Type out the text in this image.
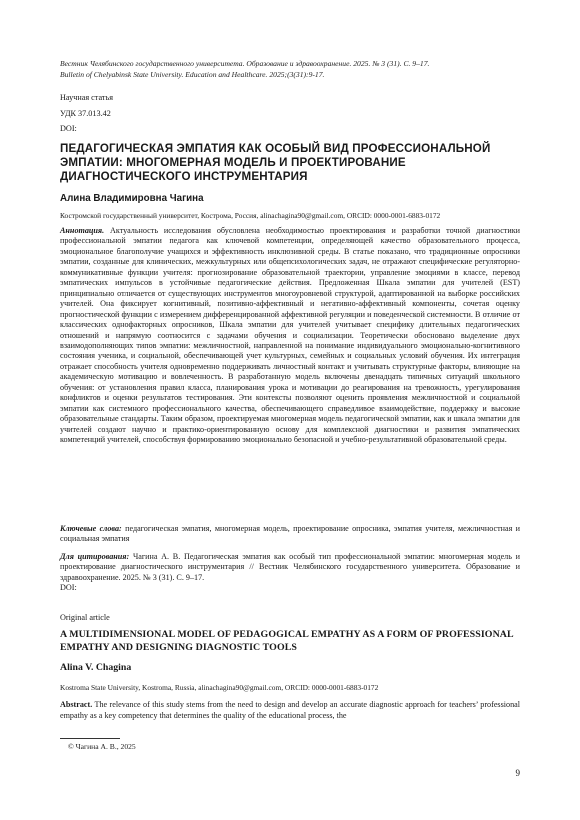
Вестник Челябинского государственного университета. Образование и здравоохранение. 2025. № 3 (31). С. 9–17.
Bulletin of Chelyabinsk State University. Education and Healthcare. 2025;(3(31):9-17.
Научная статья
УДК 37.013.42
DOI:
ПЕДАГОГИЧЕСКАЯ ЭМПАТИЯ КАК ОСОБЫЙ ВИД ПРОФЕССИОНАЛЬНОЙ ЭМПАТИИ: МНОГОМЕРНАЯ МОДЕЛЬ И ПРОЕКТИРОВАНИЕ ДИАГНОСТИЧЕСКОГО ИНСТРУМЕНТАРИЯ
Алина Владимировна Чагина
Костромской государственный университет, Кострома, Россия, alinachagina90@gmail.com, ORCID: 0000-0001-6883-0172
Аннотация. Актуальность исследования обусловлена необходимостью проектирования и разработки точной диагностики профессиональной эмпатии педагога как ключевой компетенции, определяющей качество образовательного процесса, эмоциональное благополучие учащихся и эффективность инклюзивной среды. В статье показано, что традиционные опросники эмпатии, созданные для клинических, межкультурных или общепсихологических задач, не отражают специфические регуляторно-коммуникативные функции учителя: прогнозирование образовательной траектории, управление эмоциями в классе, перевод эмпатических импульсов в устойчивые педагогические действия. Предложенная Шкала эмпатии для учителей (EST) принципиально отличается от существующих инструментов многоуровневой структурой, адаптированной на выборке российских учителей. Она фиксирует когнитивный, позитивно-аффективный и негативно-аффективный компоненты, сочетая оценку прогностической функции с измерением дифференцированной аффективной регуляции и поведенческой системности. В отличие от классических однофакторных опросников, Шкала эмпатии для учителей учитывает специфику длительных педагогических отношений и напрямую соотносится с задачами обучения и социализации. Теоретически обосновано выделение двух взаимодополняющих типов эмпатии: межличностной, направленной на понимание индивидуального эмоционально-когнитивного состояния ученика, и социальной, обеспечивающей учет культурных, семейных и социальных условий обучения. Их интеграция отражает способность учителя одновременно поддерживать личностный контакт и учитывать структурные факторы, влияющие на академическую мотивацию и вовлеченность. В разработанную модель включены двенадцать типичных ситуаций школьного обучения: от установления правил класса, планирования урока и мотивации до реагирования на тревожность, урегулирования конфликтов и оценки результатов тестирования. Эти контексты позволяют оценить проявления межличностной и социальной эмпатии как системного профессионального качества, обеспечивающего справедливое взаимодействие, поддержку и высокие образовательные стандарты. Таким образом, проектируемая многомерная модель педагогической эмпатии, как и шкала эмпатии для учителей создают научно и практико-ориентированную основу для комплексной диагностики и развития эмпатических компетенций учителей, способствуя формированию эмоционально безопасной и учебно-результативной образовательной среды.
Ключевые слова: педагогическая эмпатия, многомерная модель, проектирование опросника, эмпатия учителя, межличностная и социальная эмпатия
Для цитирования: Чагина А. В. Педагогическая эмпатия как особый тип профессиональной эмпатии: многомерная модель и проектирование диагностического инструментария // Вестник Челябинского государственного университета. Образование и здравоохранение. 2025. № 3 (31). С. 9–17.
DOI:
Original article
A MULTIDIMENSIONAL MODEL OF PEDAGOGICAL EMPATHY AS A FORM OF PROFESSIONAL EMPATHY AND DESIGNING DIAGNOSTIC TOOLS
Alina V. Chagina
Kostroma State University, Kostroma, Russia, alinachagina90@gmail.com, ORCID: 0000-0001-6883-0172
Abstract. The relevance of this study stems from the need to design and develop an accurate diagnostic approach for teachers’ professional empathy as a key competency that determines the quality of the educational process, the
© Чагина А. В., 2025
9
